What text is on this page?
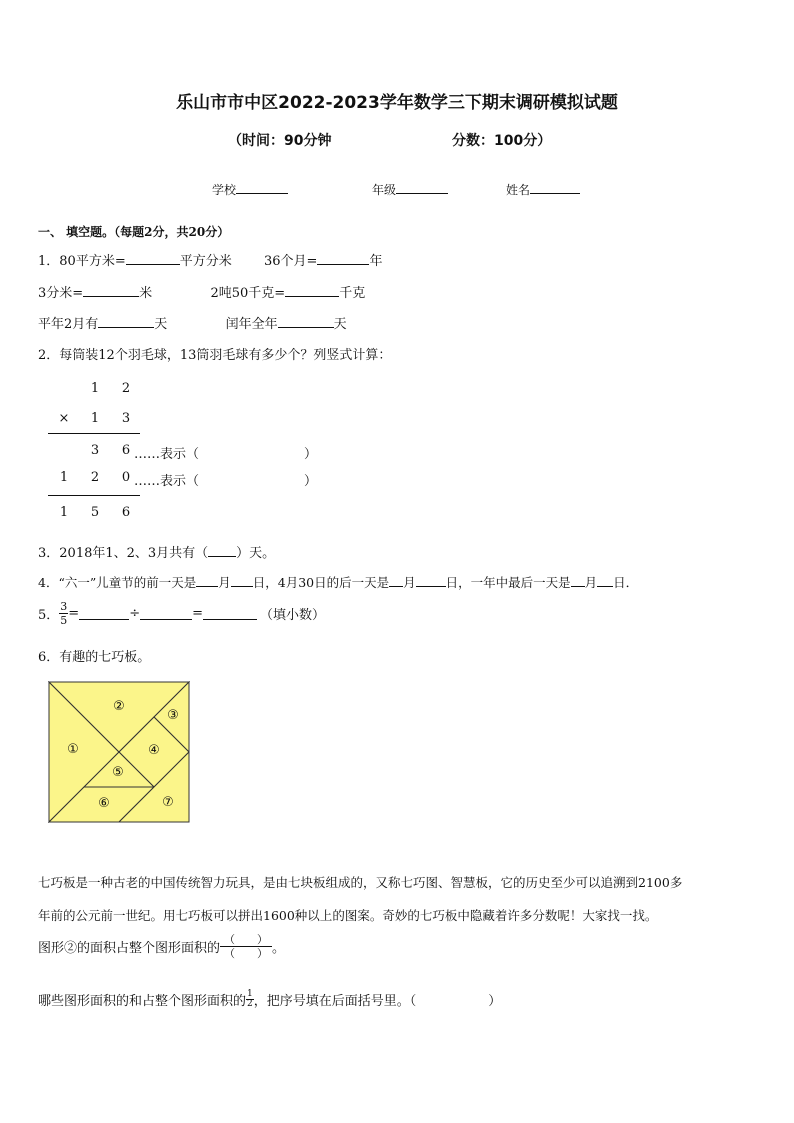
乐山市市中区2022-2023学年数学三下期末调研模拟试题
（时间：90分钟	分数：100分）
学校	年级	姓名
一、 填空题。（每题2分，共20分）
1．80平方米=	平方分米 36个月=	年
3分米=	米	2吨50千克=	千克
平年2月有	天	闰年全年	天
2．每筒装12个羽毛球，13筒羽毛球有多少个？列竖式计算：
1 2
× 1 3
3 6 ……表示（	）
1 2 0 ……表示（	）
1 5 6
3．2018年1、2、3月共有（ ）天。
4．“六一”儿童节的前一天是 月 日，4月30日的后一天是 月 日，一年中最后一天是 月 日．
5． $\frac{3}{5}$ =	÷	=	（填小数）
6．有趣的七巧板。
①
②
③
④
⑤
⑥	⑦
七巧板是一种古老的中国传统智力玩具，是由七块板组成的，又称七巧图、智慧板，它的历史至少可以追溯到2100多
年前的公元前一世纪。用七巧板可以拼出1600种以上的图案。奇妙的七巧板中隐藏着许多分数呢！大家找一找。
图形②的面积占整个图形面积的 $\frac{( )}{( )}$ 。
哪些图形面积的和占整个图形面积的 $\frac{1}{2}$ ，把序号填在后面括号里。（	）
